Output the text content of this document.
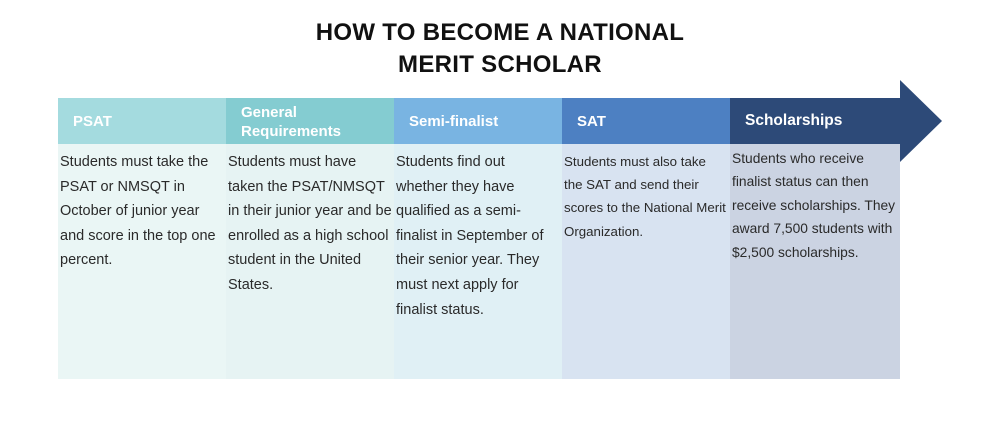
HOW TO BECOME A NATIONAL
MERIT SCHOLAR
PSAT
Students must take the PSAT or NMSQT in October of junior year and score in the top one percent.
General
Requirements
Students must have taken the PSAT/NMSQT in their junior year and be enrolled as a high school student in the United States.
Semi-finalist
Students find out whether they have qualified as a semi-finalist in September of their senior year. They must next apply for finalist status.
SAT
Students must also take the SAT and send their scores to the National Merit Organization.
Scholarships
Students who receive finalist status can then receive scholarships. They award 7,500 students with $2,500 scholarships.
